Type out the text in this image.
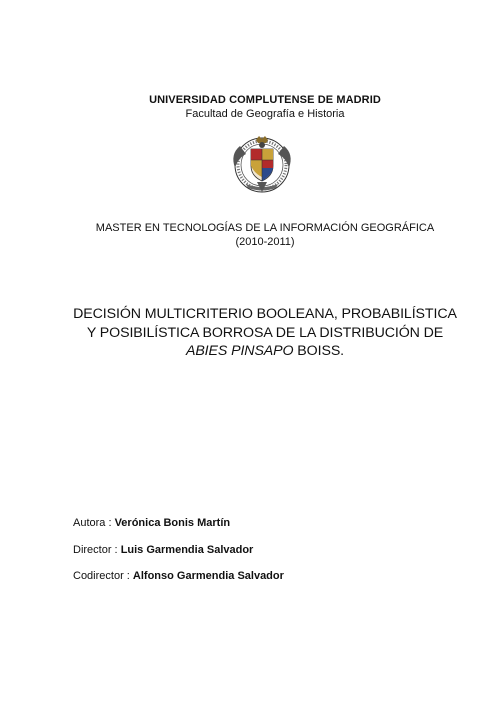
UNIVERSIDAD COMPLUTENSE DE MADRID
Facultad de Geografía e Historia
MASTER EN TECNOLOGÍAS DE LA INFORMACIÓN GEOGRÁFICA
(2010-2011)
DECISIÓN MULTICRITERIO BOOLEANA, PROBABILÍSTICA
Y POSIBILÍSTICA BORROSA DE LA DISTRIBUCIÓN DE
ABIES PINSAPO BOISS.
Autora : Verónica Bonis Martín
Director : Luis Garmendia Salvador
Codirector : Alfonso Garmendia Salvador
